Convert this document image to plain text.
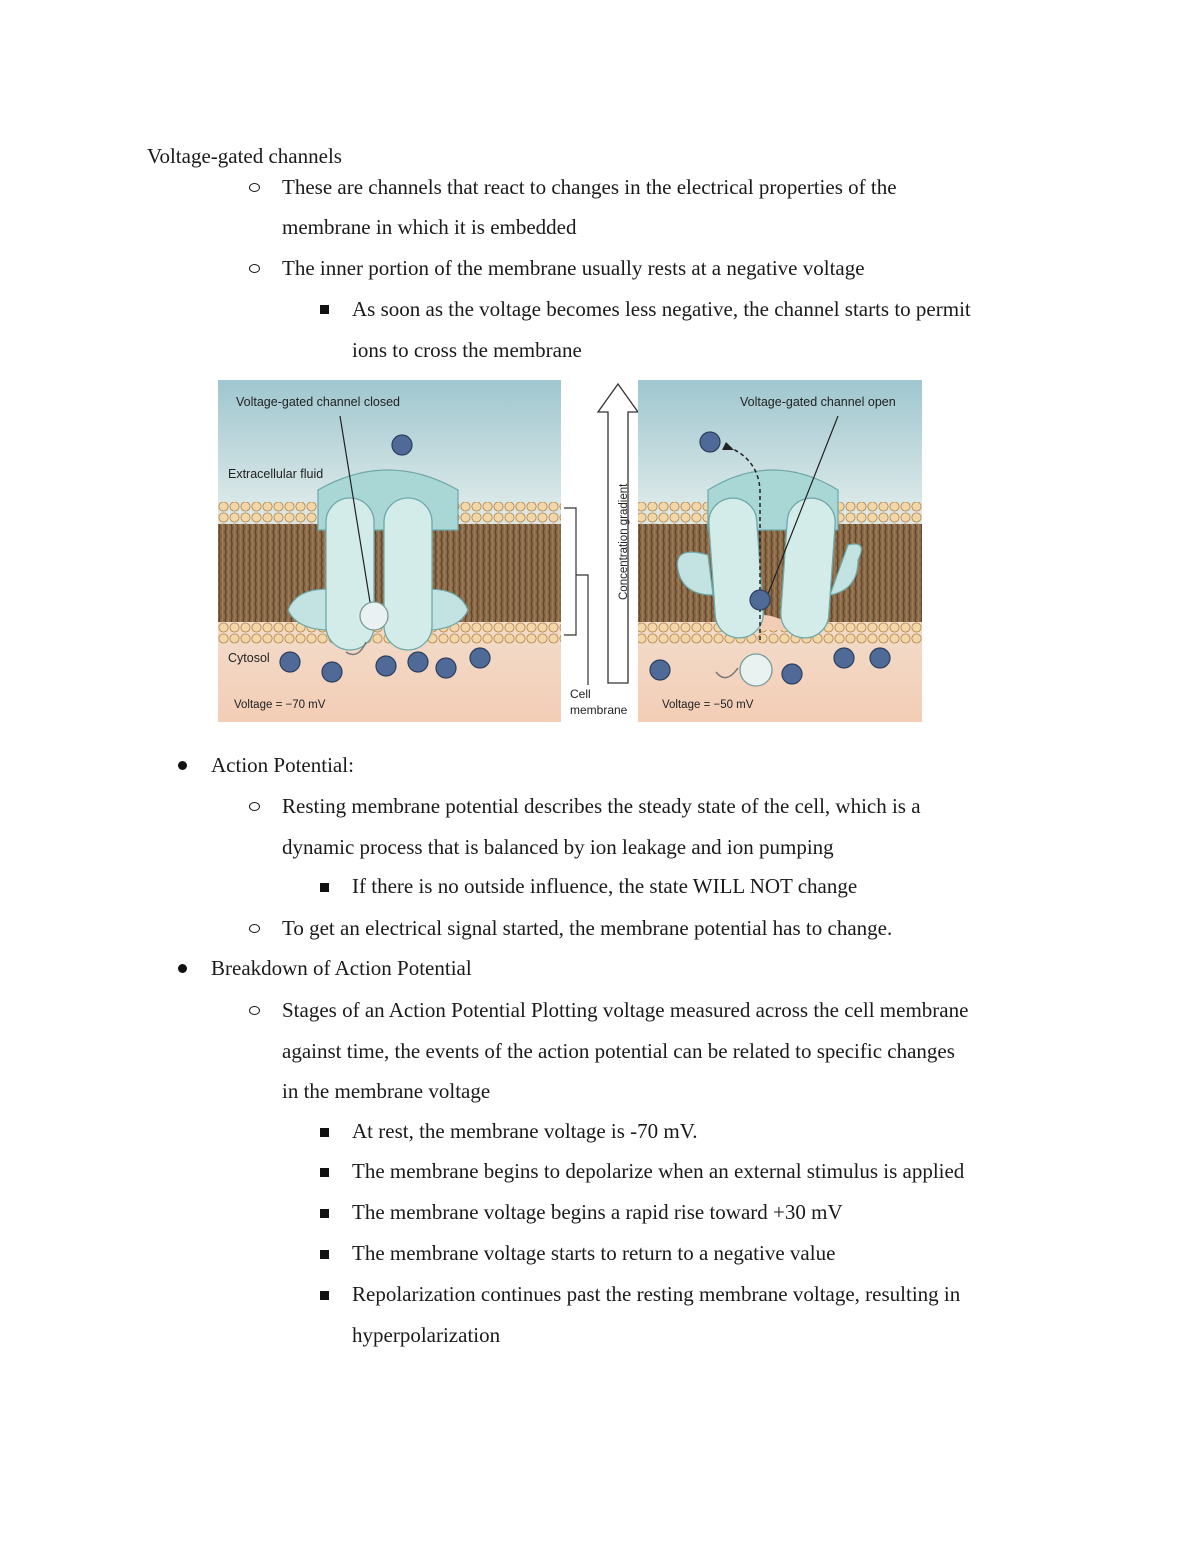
Voltage-gated channels
These are channels that react to changes in the electrical properties of the
membrane in which it is embedded
The inner portion of the membrane usually rests at a negative voltage
As soon as the voltage becomes less negative, the channel starts to permit
ions to cross the membrane
Voltage-gated channel closed
Extracellular fluid
Cytosol
Voltage = −70 mV
Concentration gradient
Cell
membrane
Voltage-gated channel open
Voltage = −50 mV
Action Potential:
Resting membrane potential describes the steady state of the cell, which is a
dynamic process that is balanced by ion leakage and ion pumping
If there is no outside influence, the state WILL NOT change
To get an electrical signal started, the membrane potential has to change.
Breakdown of Action Potential
Stages of an Action Potential Plotting voltage measured across the cell membrane
against time, the events of the action potential can be related to specific changes
in the membrane voltage
At rest, the membrane voltage is -70 mV.
The membrane begins to depolarize when an external stimulus is applied
The membrane voltage begins a rapid rise toward +30 mV
The membrane voltage starts to return to a negative value
Repolarization continues past the resting membrane voltage, resulting in
hyperpolarization
